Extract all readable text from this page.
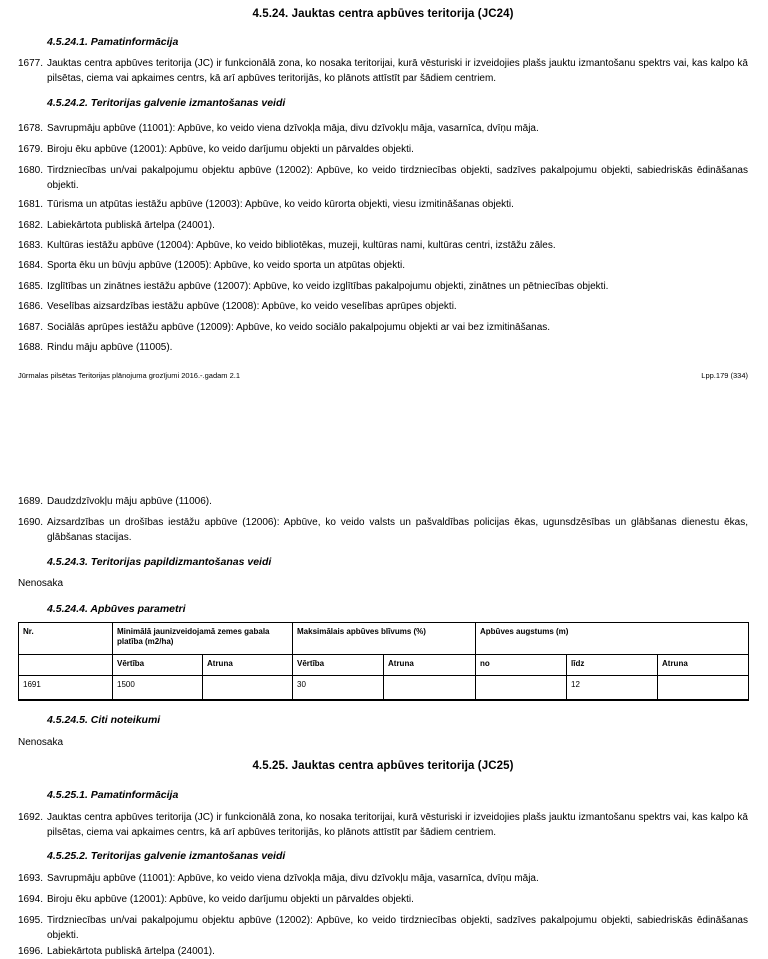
4.5.24. Jauktas centra apbūves teritorija (JC24)
4.5.24.1. Pamatinformācija
1677. Jauktas centra apbūves teritorija (JC) ir funkcionālā zona, ko nosaka teritorijai, kurā vēsturiski ir izveidojies plašs jauktu izmantošanu spektrs vai, kas kalpo kā pilsētas, ciema vai apkaimes centrs, kā arī apbūves teritorijās, ko plānots attīstīt par šādiem centriem.
4.5.24.2. Teritorijas galvenie izmantošanas veidi
1678. Savrupmāju apbūve (11001): Apbūve, ko veido viena dzīvokļa māja, divu dzīvokļu māja, vasarnīca, dvīņu māja.
1679. Biroju ēku apbūve (12001): Apbūve, ko veido darījumu objekti un pārvaldes objekti.
1680. Tirdzniecības un/vai pakalpojumu objektu apbūve (12002): Apbūve, ko veido tirdzniecības objekti, sadzīves pakalpojumu objekti, sabiedriskās ēdināšanas objekti.
1681. Tūrisma un atpūtas iestāžu apbūve (12003): Apbūve, ko veido kūrorta objekti, viesu izmitināšanas objekti.
1682. Labiekārtota publiskā ārtelpa (24001).
1683. Kultūras iestāžu apbūve (12004): Apbūve, ko veido bibliotēkas, muzeji, kultūras nami, kultūras centri, izstāžu zāles.
1684. Sporta ēku un būvju apbūve (12005): Apbūve, ko veido sporta un atpūtas objekti.
1685. Izglītības un zinātnes iestāžu apbūve (12007): Apbūve, ko veido izglītības pakalpojumu objekti, zinātnes un pētniecības objekti.
1686. Veselības aizsardzības iestāžu apbūve (12008): Apbūve, ko veido veselības aprūpes objekti.
1687. Sociālās aprūpes iestāžu apbūve (12009): Apbūve, ko veido sociālo pakalpojumu objekti ar vai bez izmitināšanas.
1688. Rindu māju apbūve (11005).
Jūrmalas pilsētas Teritorijas plānojuma grozījumi 2016.-.gadam 2.1	Lpp.179 (334)
1689. Daudzdzīvokļu māju apbūve (11006).
1690. Aizsardzības un drošības iestāžu apbūve (12006): Apbūve, ko veido valsts un pašvaldības policijas ēkas, ugunsdzēsības un glābšanas dienestu ēkas, glābšanas stacijas.
4.5.24.3. Teritorijas papildizmantošanas veidi
Nenosaka
4.5.24.4. Apbūves parametri
Nr.	Minimālā jaunizveidojamā zemes gabala platība (m2/ha)		Maksimālais apbūves blīvums (%)		Apbūves augstums (m)		
	Vērtība	Atruna	Vērtība	Atruna	no	līdz	Atruna
1691	1500		30			12	
4.5.24.5. Citi noteikumi
Nenosaka
4.5.25. Jauktas centra apbūves teritorija (JC25)
4.5.25.1. Pamatinformācija
1692. Jauktas centra apbūves teritorija (JC) ir funkcionālā zona, ko nosaka teritorijai, kurā vēsturiski ir izveidojies plašs jauktu izmantošanu spektrs vai, kas kalpo kā pilsētas, ciema vai apkaimes centrs, kā arī apbūves teritorijās, ko plānots attīstīt par šādiem centriem.
4.5.25.2. Teritorijas galvenie izmantošanas veidi
1693. Savrupmāju apbūve (11001): Apbūve, ko veido viena dzīvokļa māja, divu dzīvokļu māja, vasarnīca, dvīņu māja.
1694. Biroju ēku apbūve (12001): Apbūve, ko veido darījumu objekti un pārvaldes objekti.
1695. Tirdzniecības un/vai pakalpojumu objektu apbūve (12002): Apbūve, ko veido tirdzniecības objekti, sadzīves pakalpojumu objekti, sabiedriskās ēdināšanas objekti.
1696. Labiekārtota publiskā ārtelpa (24001).
